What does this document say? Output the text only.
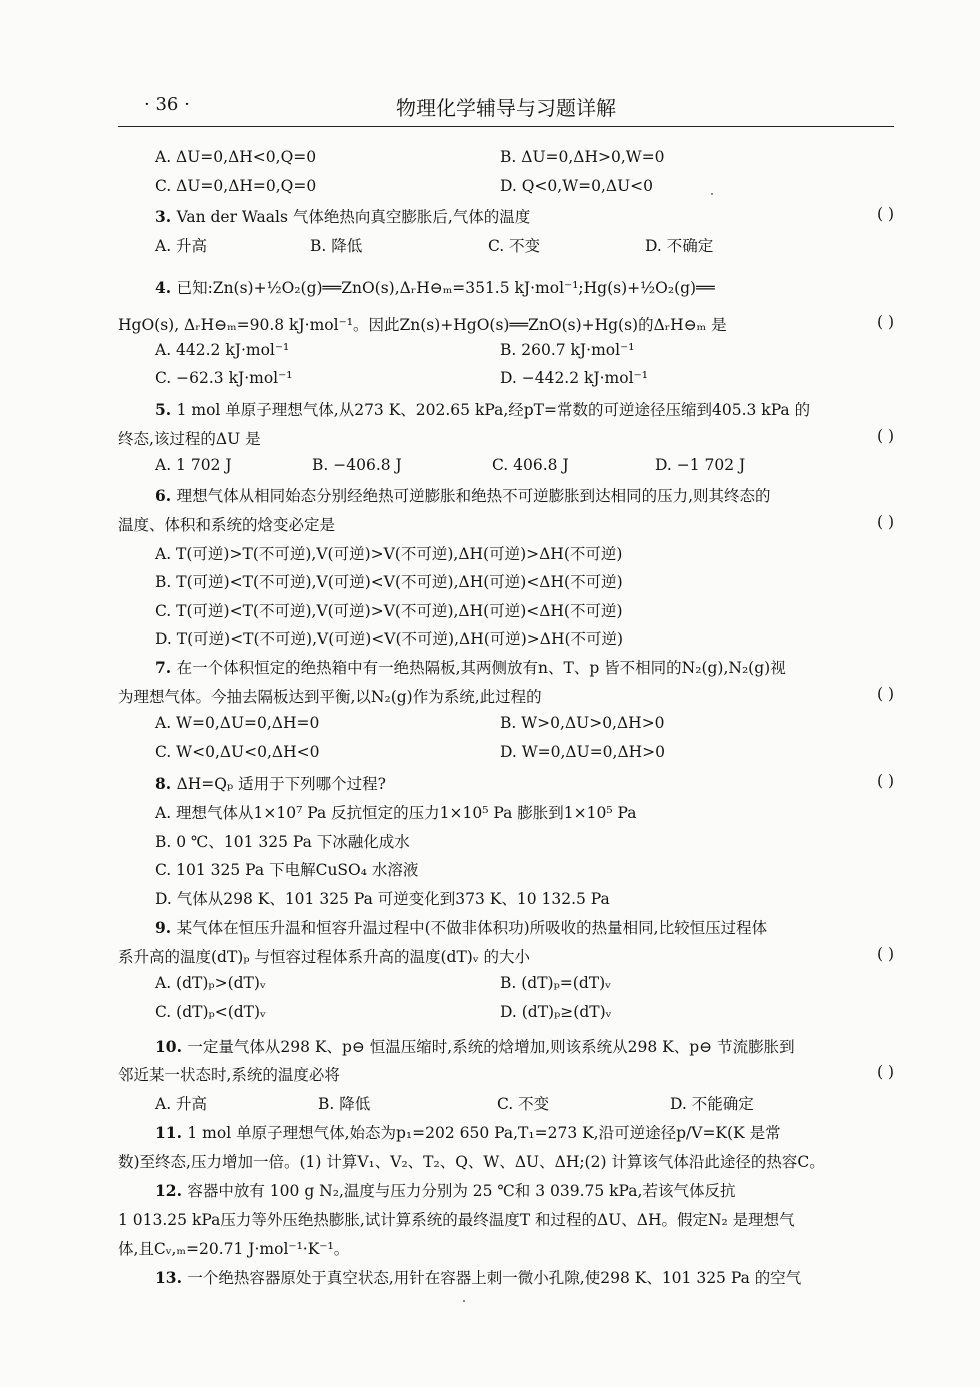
· 36 ·	物理化学辅导与习题详解
A. ΔU=0,ΔH<0,Q=0	B. ΔU=0,ΔH>0,W=0
C. ΔU=0,ΔH=0,Q=0	D. Q<0,W=0,ΔU<0
3. Van der Waals 气体绝热向真空膨胀后,气体的温度	( )
A. 升高	B. 降低	C. 不变	D. 不确定
4. 已知:Zn(s)+½O₂(g)══ZnO(s),ΔᵣH⊖ₘ=351.5 kJ·mol⁻¹;Hg(s)+½O₂(g)══
HgO(s), ΔᵣH⊖ₘ=90.8 kJ·mol⁻¹。因此Zn(s)+HgO(s)══ZnO(s)+Hg(s)的ΔᵣH⊖ₘ 是	( )
A. 442.2 kJ·mol⁻¹	B. 260.7 kJ·mol⁻¹
C. −62.3 kJ·mol⁻¹	D. −442.2 kJ·mol⁻¹
5. 1 mol 单原子理想气体,从273 K、202.65 kPa,经pT=常数的可逆途径压缩到405.3 kPa 的
终态,该过程的ΔU 是	( )
A. 1 702 J	B. −406.8 J	C. 406.8 J	D. −1 702 J
6. 理想气体从相同始态分别经绝热可逆膨胀和绝热不可逆膨胀到达相同的压力,则其终态的
温度、体积和系统的焓变必定是	( )
A. T(可逆)>T(不可逆),V(可逆)>V(不可逆),ΔH(可逆)>ΔH(不可逆)
B. T(可逆)<T(不可逆),V(可逆)<V(不可逆),ΔH(可逆)<ΔH(不可逆)
C. T(可逆)<T(不可逆),V(可逆)>V(不可逆),ΔH(可逆)<ΔH(不可逆)
D. T(可逆)<T(不可逆),V(可逆)<V(不可逆),ΔH(可逆)>ΔH(不可逆)
7. 在一个体积恒定的绝热箱中有一绝热隔板,其两侧放有n、T、p 皆不相同的N₂(g),N₂(g)视
为理想气体。今抽去隔板达到平衡,以N₂(g)作为系统,此过程的	( )
A. W=0,ΔU=0,ΔH=0	B. W>0,ΔU>0,ΔH>0
C. W<0,ΔU<0,ΔH<0	D. W=0,ΔU=0,ΔH>0
8. ΔH=Qₚ 适用于下列哪个过程?	( )
A. 理想气体从1×10⁷ Pa 反抗恒定的压力1×10⁵ Pa 膨胀到1×10⁵ Pa
B. 0 ℃、101 325 Pa 下冰融化成水
C. 101 325 Pa 下电解CuSO₄ 水溶液
D. 气体从298 K、101 325 Pa 可逆变化到373 K、10 132.5 Pa
9. 某气体在恒压升温和恒容升温过程中(不做非体积功)所吸收的热量相同,比较恒压过程体
系升高的温度(dT)ₚ 与恒容过程体系升高的温度(dT)ᵥ 的大小	( )
A. (dT)ₚ>(dT)ᵥ	B. (dT)ₚ=(dT)ᵥ
C. (dT)ₚ<(dT)ᵥ	D. (dT)ₚ≥(dT)ᵥ
10. 一定量气体从298 K、p⊖ 恒温压缩时,系统的焓增加,则该系统从298 K、p⊖ 节流膨胀到
邻近某一状态时,系统的温度必将	( )
A. 升高	B. 降低	C. 不变	D. 不能确定
11. 1 mol 单原子理想气体,始态为p₁=202 650 Pa,T₁=273 K,沿可逆途径p/V=K(K 是常
数)至终态,压力增加一倍。(1) 计算V₁、V₂、T₂、Q、W、ΔU、ΔH;(2) 计算该气体沿此途径的热容C。
12. 容器中放有 100 g N₂,温度与压力分别为 25 ℃和 3 039.75 kPa,若该气体反抗
1 013.25 kPa压力等外压绝热膨胀,试计算系统的最终温度T 和过程的ΔU、ΔH。假定N₂ 是理想气
体,且Cᵥ,ₘ=20.71 J·mol⁻¹·K⁻¹。
13. 一个绝热容器原处于真空状态,用针在容器上刺一微小孔隙,使298 K、101 325 Pa 的空气
